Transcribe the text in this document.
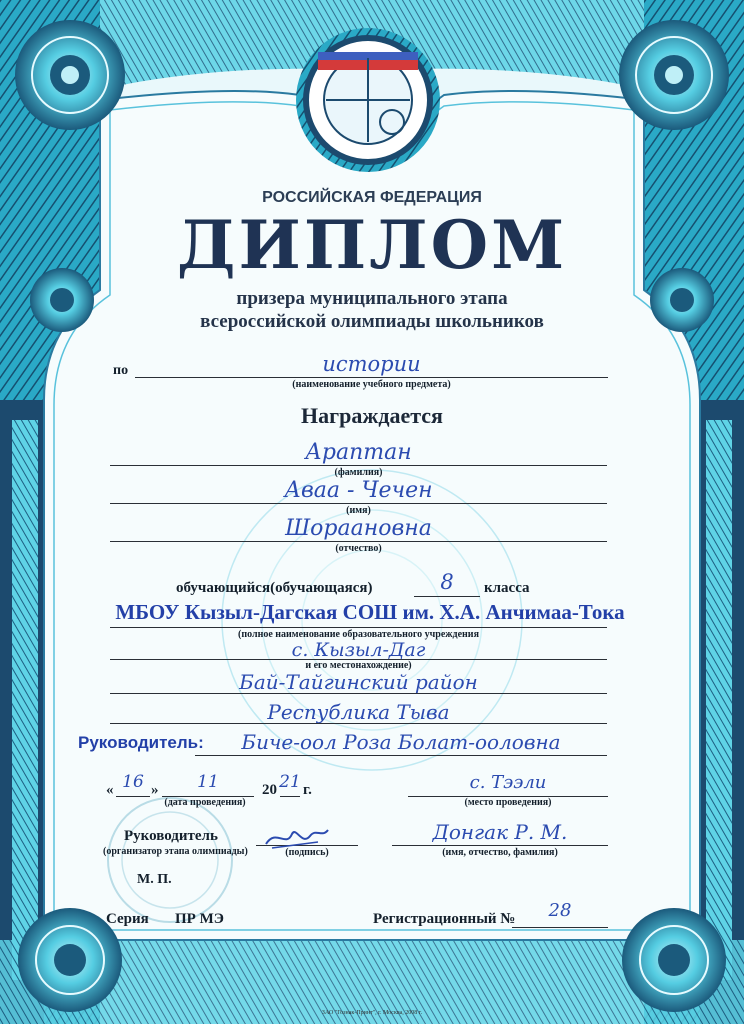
РОССИЙСКАЯ ФЕДЕРАЦИЯ
ДИПЛОМ
призера муниципального этапа
всероссийской олимпиады школьников
по	истории
(наименование учебного предмета)
Награждается
Араптан
(фамилия)
Аваа - Чечен
(имя)
Шораановна
(отчество)
обучающийся(обучающаяся)	8	класса
МБОУ Кызыл-Дагская СОШ им. Х.А. Анчимаа-Тока
(полное наименование образовательного учреждения
с. Кызыл-Даг
и его местонахождение)
Бай-Тайгинский район
Республика Тыва
Руководитель:	Бичe-оол Роза Болат-ооловна
« 16 »	11	20 21 г.
(дата проведения)
с. Тээли
(место проведения)
Руководитель
(организатор этапа олимпиады)	(подпись)
Донгак Р. М.
(имя, отчество, фамилия)
М. П.
Серия ПР МЭ	Регистрационный №	28
ЗАО "Гознак-Принт", г. Москва, 2008 г.
